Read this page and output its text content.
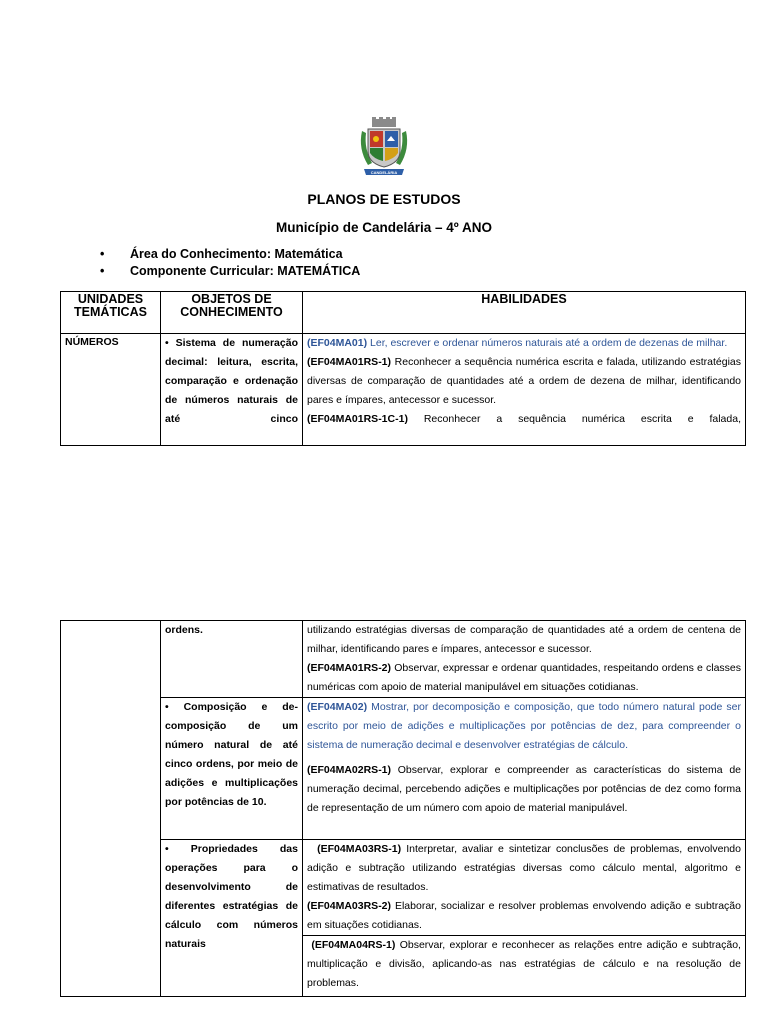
CANDELÁRIA
PLANOS DE ESTUDOS
Município de Candelária – 4º ANO
• Área do Conhecimento: Matemática
• Componente Curricular: MATEMÁTICA
UNIDADES TEMÁTICAS	OBJETOS DE CONHECIMENTO	HABILIDADES
NÚMEROS	• Sistema de numeração decimal: leitura, escrita, comparação e ordenação de números naturais de até cinco	(EF04MA01) Ler, escrever e ordenar números naturais até a ordem de dezenas de milhar.

(EF04MA01RS-1) Reconhecer a sequência numérica escrita e falada, utilizando estratégias diversas de comparação de quantidades até a ordem de dezena de milhar, identificando pares e ímpares, antecessor e sucessor.

(EF04MA01RS-1C-1) Reconhecer a sequência numérica escrita e falada,

	ordens.	utilizando estratégias diversas de comparação de quantidades até a ordem de centena de milhar, identificando pares e ímpares, antecessor e sucessor.

(EF04MA01RS-2) Observar, expressar e ordenar quantidades, respeitando ordens e classes numéricas com apoio de material manipulável em situações cotidianas.

	• Composição e de- composição de um número natural de até cinco ordens, por meio de adições e multiplicações por potências de 10.	(EF04MA02) Mostrar, por decomposição e composição, que todo número natural pode ser escrito por meio de adições e multiplicações por potências de dez, para compreender o sistema de numeração decimal e desenvolver estratégias de cálculo.

(EF04MA02RS-1) Observar, explorar e compreender as características do sistema de numeração decimal, percebendo adições e multiplicações por potências de dez como forma de representação de um número com apoio de material manipulável.

	• Propriedades das operações para o desenvolvimento de diferentes estratégias de cálculo com números naturais	(EF04MA03RS-1) Interpretar, avaliar e sintetizar conclusões de problemas, envolvendo adição e subtração utilizando estratégias diversas como cálculo mental, algoritmo e estimativas de resultados.

(EF04MA03RS-2) Elaborar, socializar e resolver problemas envolvendo adição e subtração em situações cotidianas.

(EF04MA04RS-1) Observar, explorar e reconhecer as relações entre adição e subtração, multiplicação e divisão, aplicando-as nas estratégias de cálculo e na resolução de problemas.
